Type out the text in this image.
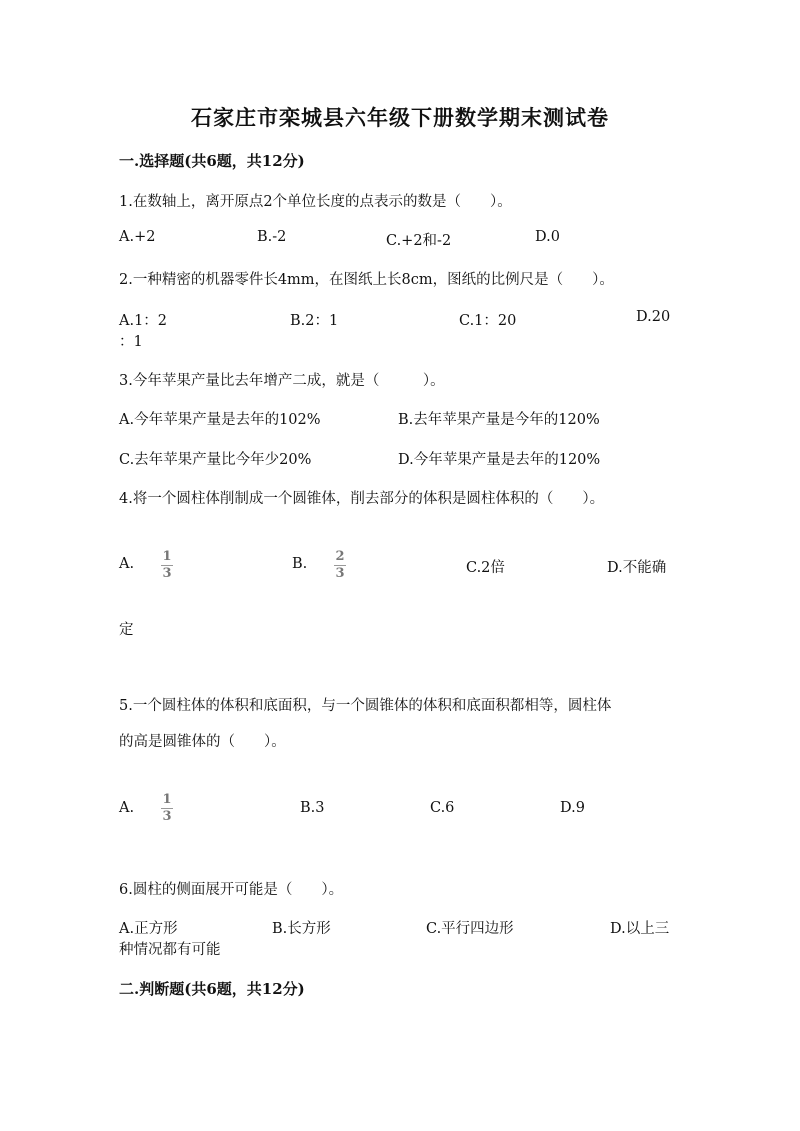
石家庄市栾城县六年级下册数学期末测试卷
一.选择题(共6题，共12分)
1.在数轴上，离开原点2个单位长度的点表示的数是（　　）。
A.+2	B.-2	C.+2和-2	D.0
2.一种精密的机器零件长4mm，在图纸上长8cm，图纸的比例尺是（　　）。
A.1：2	B.2：1	C.1：20	D.20
：1
3.今年苹果产量比去年增产二成，就是（　　　）。
A.今年苹果产量是去年的102%	B.去年苹果产量是今年的120%
C.去年苹果产量比今年少20%	D.今年苹果产量是去年的120%
4.将一个圆柱体削制成一个圆锥体，削去部分的体积是圆柱体积的（　　）。
A. 1
3
B. 2
3	C.2倍	D.不能确
定
5.一个圆柱体的体积和底面积，与一个圆锥体的体积和底面积都相等，圆柱体
的高是圆锥体的（　　）。
A.
1
3
B.3	C.6	D.9
6.圆柱的侧面展开可能是（　　）。
A.正方形	B.长方形	C.平行四边形	D.以上三
种情况都有可能
二.判断题(共6题，共12分)
